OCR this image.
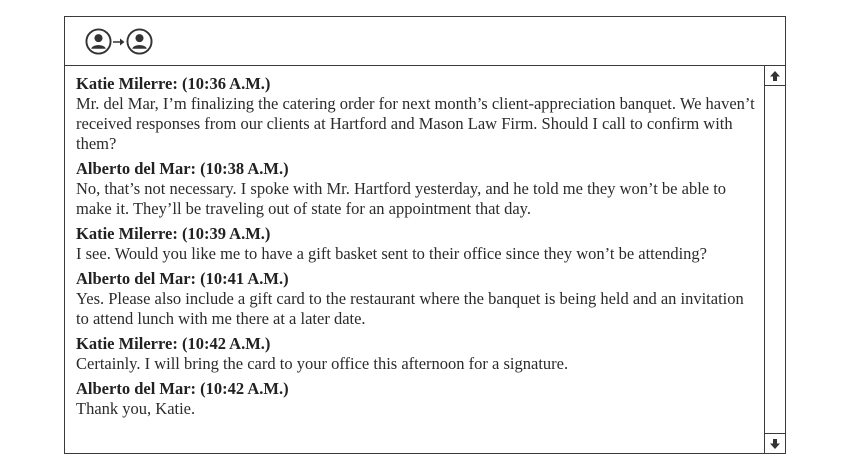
Katie Milerre: (10:36 A.M.)
Mr. del Mar, I’m finalizing the catering order for next month’s client-appreciation banquet. We haven’t received responses from our clients at Hartford and Mason Law Firm. Should I call to confirm with them?
Alberto del Mar: (10:38 A.M.)
No, that’s not necessary. I spoke with Mr. Hartford yesterday, and he told me they won’t be able to make it. They’ll be traveling out of state for an appointment that day.
Katie Milerre: (10:39 A.M.)
I see. Would you like me to have a gift basket sent to their office since they won’t be attending?
Alberto del Mar: (10:41 A.M.)
Yes. Please also include a gift card to the restaurant where the banquet is being held and an invitation to attend lunch with me there at a later date.
Katie Milerre: (10:42 A.M.)
Certainly. I will bring the card to your office this afternoon for a signature.
Alberto del Mar: (10:42 A.M.)
Thank you, Katie.
